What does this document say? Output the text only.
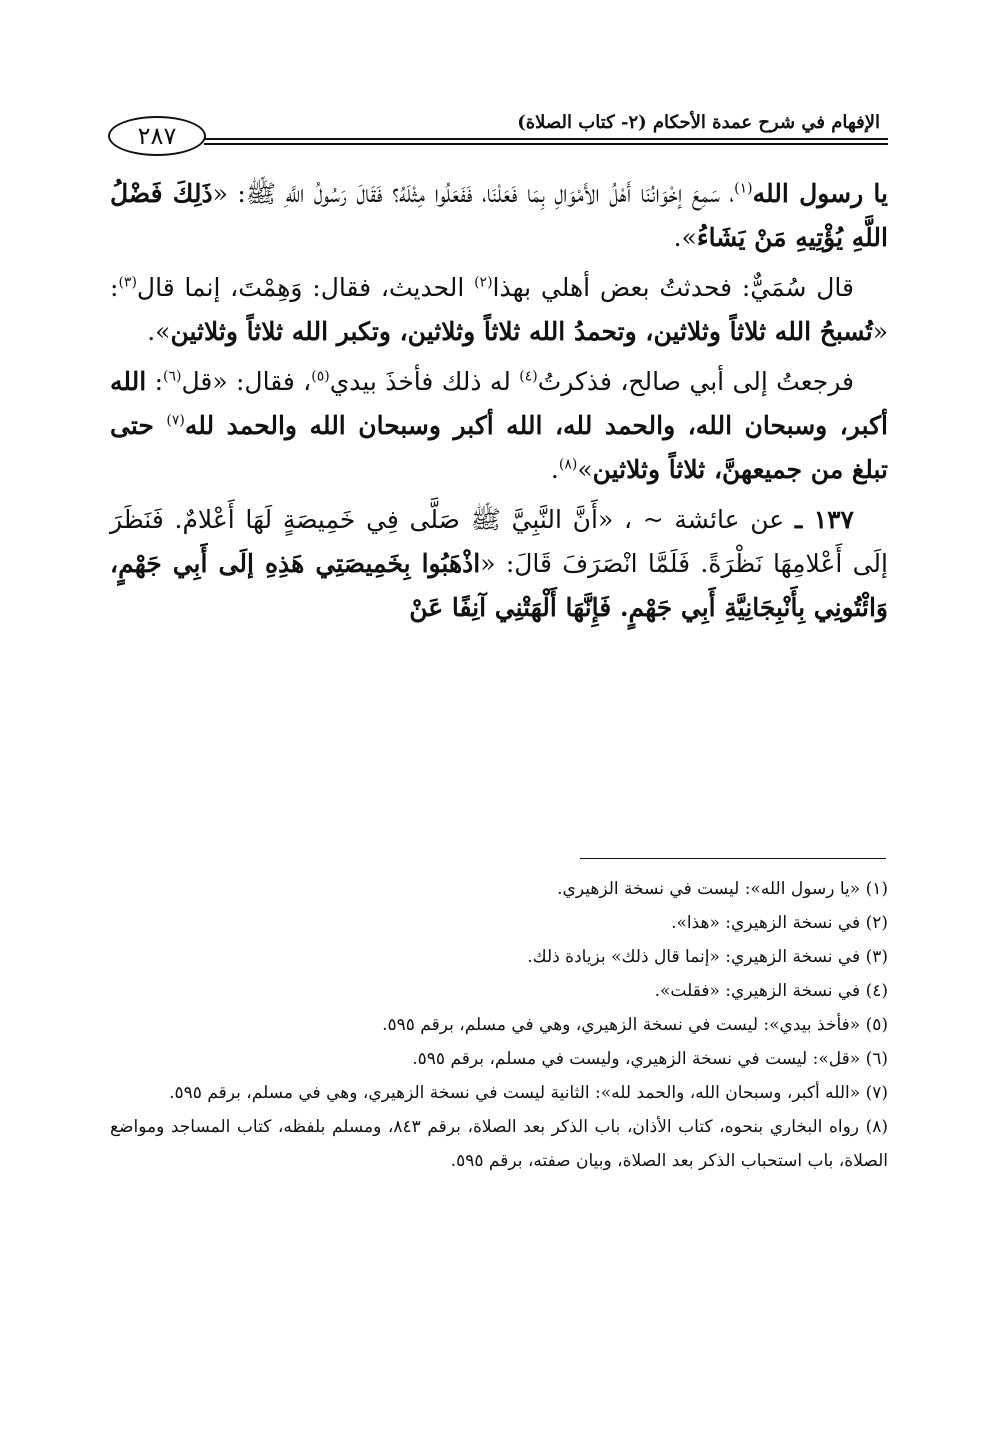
٢٨٧	الإفهام في شرح عمدة الأحكام (٢- كتاب الصلاة)

يا رسول الله$^{(١)}$، سَمِعَ إخْوَانُنَا أَهْلُ الأَمْوَالِ بِمَا فَعَلْنَا، فَفَعَلُوا مِثْلَهُ؟ فَقَالَ رَسُولُ اللَّهِ ﷺ: «ذَلِكَ فَضْلُ اللَّهِ يُؤْتِيهِ مَنْ يَشَاءُ».

قال سُمَيٌّ: فحدثتُ بعض أهلي بهذا$^{(٢)}$ الحديث، فقال: وَهِمْتَ، إنما قال$^{(٣)}$: «تُسبحُ الله ثلاثاً وثلاثين، وتحمدُ الله ثلاثاً وثلاثين، وتكبر الله ثلاثاً وثلاثين».

فرجعتُ إلى أبي صالح، فذكرتُ$^{(٤)}$ له ذلك فأخذَ بيدي$^{(٥)}$، فقال: «قل$^{(٦)}$: الله أكبر، وسبحان الله، والحمد لله، الله أكبر وسبحان الله والحمد لله$^{(٧)}$ حتى تبلغ من جميعهنَّ، ثلاثاً وثلاثين»$^{(٨)}$.

١٣٧ ـ عن عائشة ~ ، «أَنَّ النَّبِيَّ ﷺ صَلَّى فِي خَمِيصَةٍ لَهَا أَعْلامٌ. فَنَظَرَ إلَى أَعْلامِهَا نَظْرَةً. فَلَمَّا انْصَرَفَ قَالَ: «اذْهَبُوا بِخَمِيصَتِي هَذِهِ إلَى أَبِي جَهْمٍ، وَائْتُونِي بِأَنْبِجَانِيَّةِ أَبِي جَهْمٍ. فَإِنَّهَا أَلْهَتْنِي آنِفًا عَنْ

(١) «يا رسول الله»: ليست في نسخة الزهيري.
(٢) في نسخة الزهيري: «هذا».
(٣) في نسخة الزهيري: «إنما قال ذلك» بزيادة ذلك.
(٤) في نسخة الزهيري: «فقلت».
(٥) «فأخذ بيدي»: ليست في نسخة الزهيري، وهي في مسلم، برقم ٥٩٥.
(٦) «قل»: ليست في نسخة الزهيري، وليست في مسلم، برقم ٥٩٥.
(٧) «الله أكبر، وسبحان الله، والحمد لله»: الثانية ليست في نسخة الزهيري، وهي في مسلم، برقم ٥٩٥.
(٨) رواه البخاري بنحوه، كتاب الأذان، باب الذكر بعد الصلاة، برقم ٨٤٣، ومسلم بلفظه، كتاب المساجد ومواضع الصلاة، باب استحباب الذكر بعد الصلاة، وبيان صفته، برقم ٥٩٥.
